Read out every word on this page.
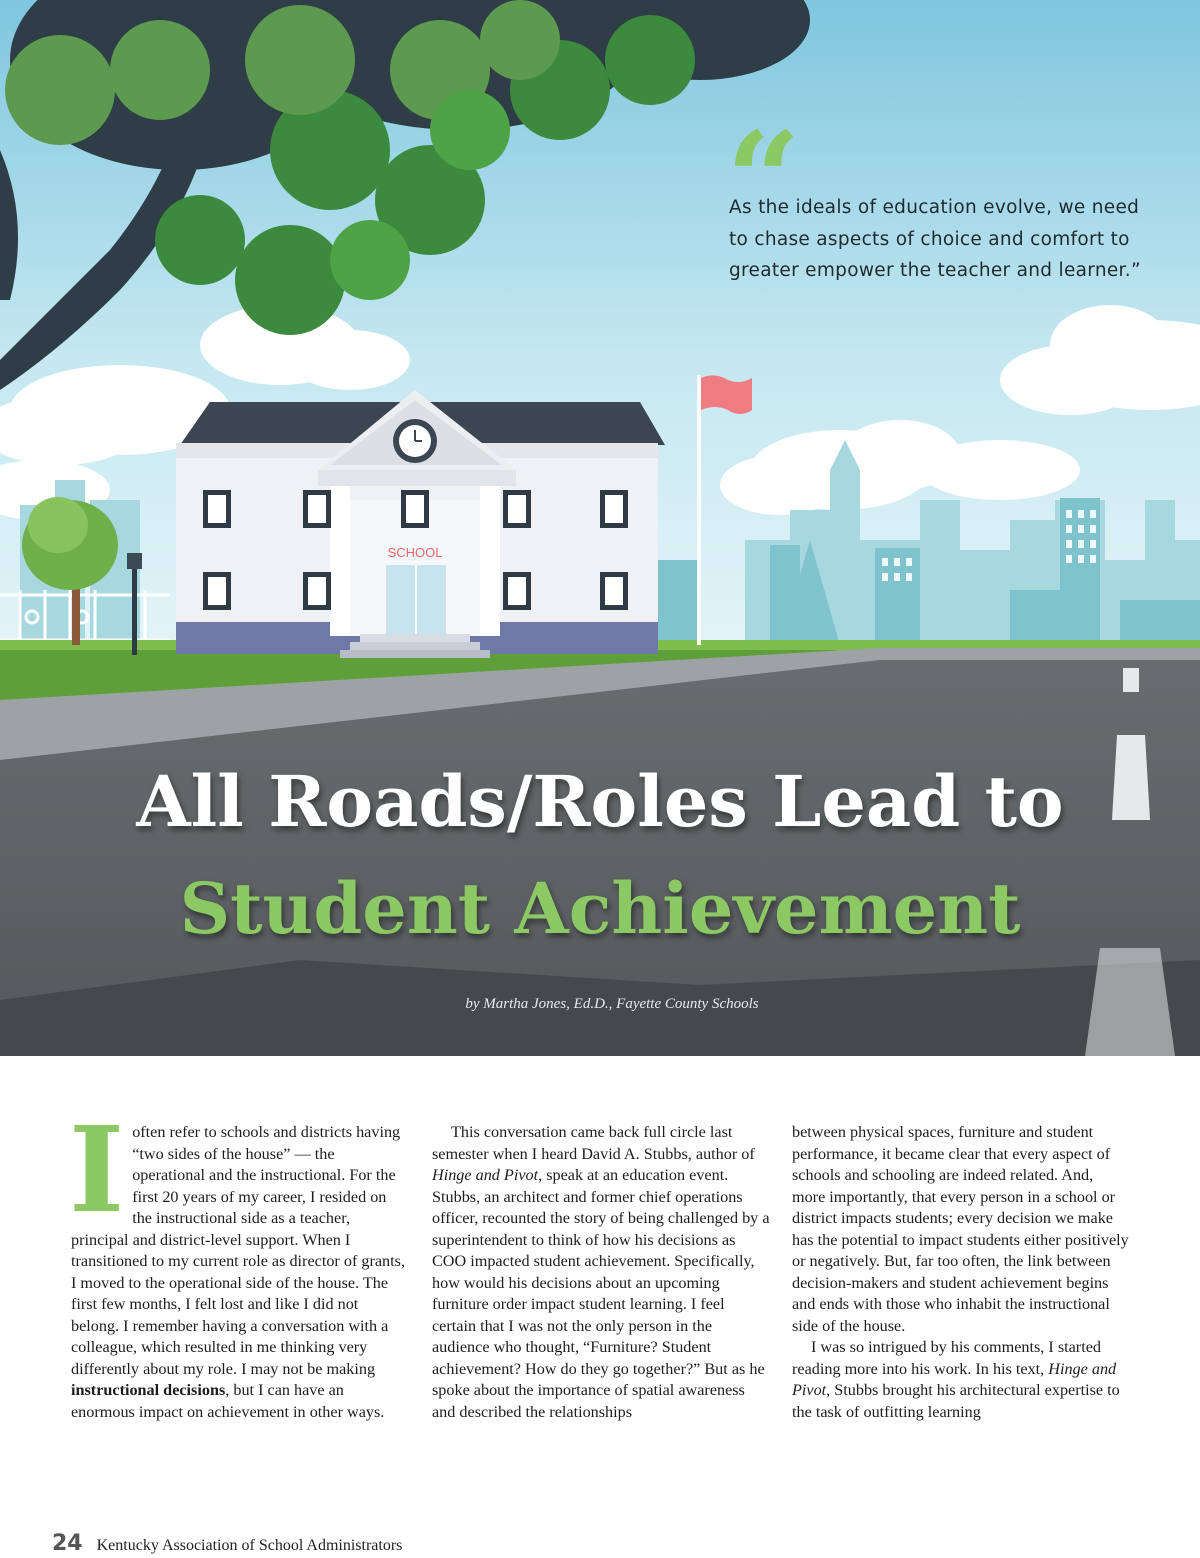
SCHOOL
“
As the ideals of education evolve, we need to chase aspects of choice and comfort to greater empower the teacher and learner.”
All Roads/Roles Lead to
Student Achievement
by Martha Jones, Ed.D., Fayette County Schools

Ioften refer to schools and districts having “two sides of the house” — the operational and the instructional. For the first 20 years of my career, I resided on the instructional side as a teacher, principal and district-level support. When I transitioned to my current role as director of grants, I moved to the operational side of the house. The first few months, I felt lost and like I did not belong. I remember having a conversation with a colleague, which resulted in me thinking very differently about my role. I may not be making instructional decisions, but I can have an enormous impact on achievement in other ways.

This conversation came back full circle last semester when I heard David A. Stubbs, author of Hinge and Pivot, speak at an education event. Stubbs, an architect and former chief operations officer, recounted the story of being challenged by a superintendent to think of how his decisions as COO impacted student achievement. Specifically, how would his decisions about an upcoming furniture order impact student learning. I feel certain that I was not the only person in the audience who thought, “Furniture? Student achievement? How do they go together?” But as he spoke about the importance of spatial awareness and described the relationships

between physical spaces, furniture and student performance, it became clear that every aspect of schools and schooling are indeed related. And, more importantly, that every person in a school or district impacts students; every decision we make has the potential to impact students either positively or negatively. But, far too often, the link between decision-makers and student achievement begins and ends with those who inhabit the instructional side of the house.

I was so intrigued by his comments, I started reading more into his work. In his text, Hinge and Pivot, Stubbs brought his architectural expertise to the task of outfitting learning

24 Kentucky Association of School Administrators
